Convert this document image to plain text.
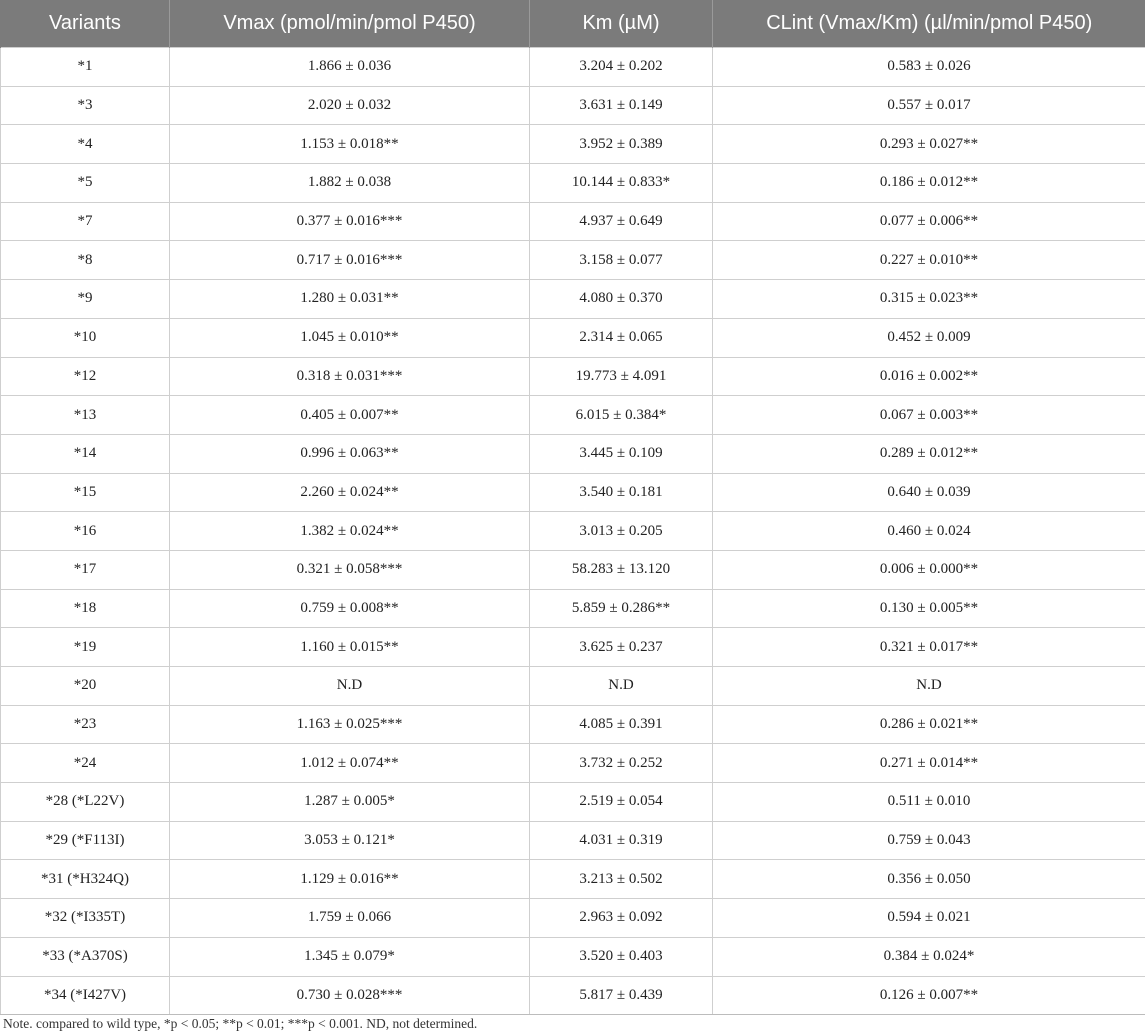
Variants	Vmax (pmol/min/pmol P450)	Km (µM)	CLint (Vmax/Km) (µl/min/pmol P450)
*1	1.866 ± 0.036	3.204 ± 0.202	0.583 ± 0.026
*3	2.020 ± 0.032	3.631 ± 0.149	0.557 ± 0.017
*4	1.153 ± 0.018**	3.952 ± 0.389	0.293 ± 0.027**
*5	1.882 ± 0.038	10.144 ± 0.833*	0.186 ± 0.012**
*7	0.377 ± 0.016***	4.937 ± 0.649	0.077 ± 0.006**
*8	0.717 ± 0.016***	3.158 ± 0.077	0.227 ± 0.010**
*9	1.280 ± 0.031**	4.080 ± 0.370	0.315 ± 0.023**
*10	1.045 ± 0.010**	2.314 ± 0.065	0.452 ± 0.009
*12	0.318 ± 0.031***	19.773 ± 4.091	0.016 ± 0.002**
*13	0.405 ± 0.007**	6.015 ± 0.384*	0.067 ± 0.003**
*14	0.996 ± 0.063**	3.445 ± 0.109	0.289 ± 0.012**
*15	2.260 ± 0.024**	3.540 ± 0.181	0.640 ± 0.039
*16	1.382 ± 0.024**	3.013 ± 0.205	0.460 ± 0.024
*17	0.321 ± 0.058***	58.283 ± 13.120	0.006 ± 0.000**
*18	0.759 ± 0.008**	5.859 ± 0.286**	0.130 ± 0.005**
*19	1.160 ± 0.015**	3.625 ± 0.237	0.321 ± 0.017**
*20	N.D	N.D	N.D
*23	1.163 ± 0.025***	4.085 ± 0.391	0.286 ± 0.021**
*24	1.012 ± 0.074**	3.732 ± 0.252	0.271 ± 0.014**
*28 (*L22V)	1.287 ± 0.005*	2.519 ± 0.054	0.511 ± 0.010
*29 (*F113I)	3.053 ± 0.121*	4.031 ± 0.319	0.759 ± 0.043
*31 (*H324Q)	1.129 ± 0.016**	3.213 ± 0.502	0.356 ± 0.050
*32 (*I335T)	1.759 ± 0.066	2.963 ± 0.092	0.594 ± 0.021
*33 (*A370S)	1.345 ± 0.079*	3.520 ± 0.403	0.384 ± 0.024*
*34 (*I427V)	0.730 ± 0.028***	5.817 ± 0.439	0.126 ± 0.007**
Note. compared to wild type, *p < 0.05; **p < 0.01; ***p < 0.001. ND, not determined.
